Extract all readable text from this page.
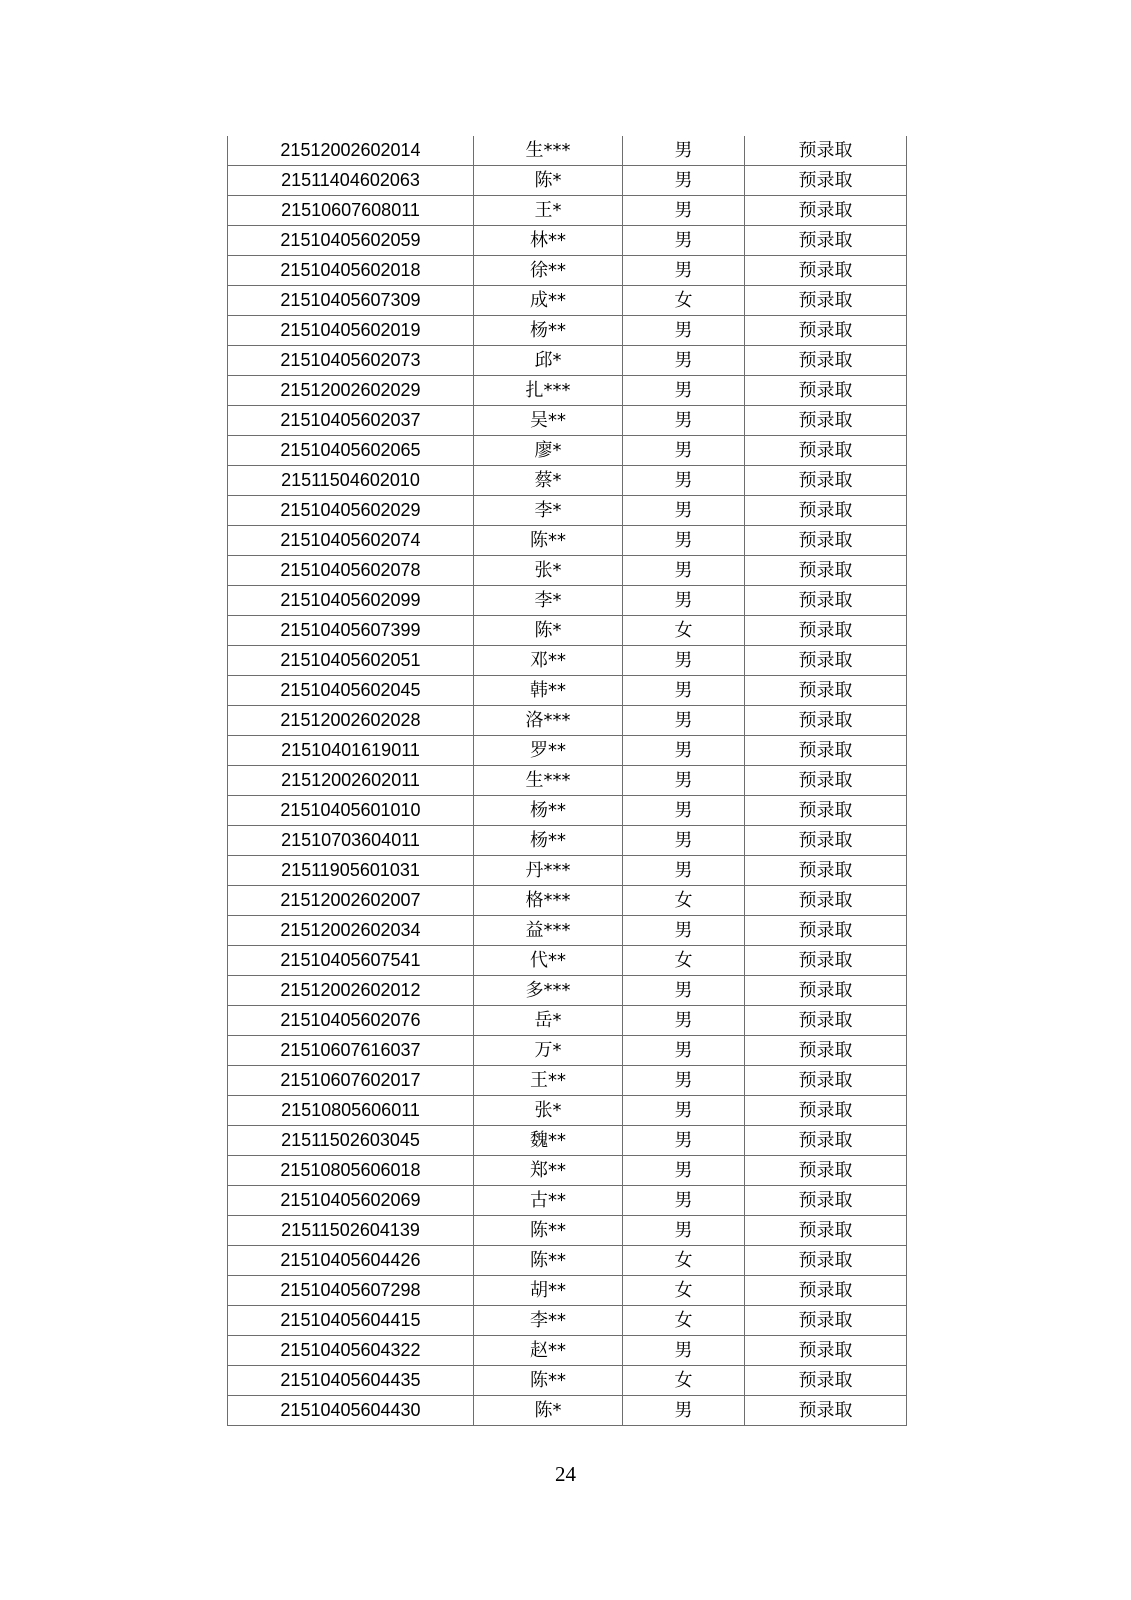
21512002602014	生***	男	预录取
21511404602063	陈*	男	预录取
21510607608011	王*	男	预录取
21510405602059	林**	男	预录取
21510405602018	徐**	男	预录取
21510405607309	成**	女	预录取
21510405602019	杨**	男	预录取
21510405602073	邱*	男	预录取
21512002602029	扎***	男	预录取
21510405602037	吴**	男	预录取
21510405602065	廖*	男	预录取
21511504602010	蔡*	男	预录取
21510405602029	李*	男	预录取
21510405602074	陈**	男	预录取
21510405602078	张*	男	预录取
21510405602099	李*	男	预录取
21510405607399	陈*	女	预录取
21510405602051	邓**	男	预录取
21510405602045	韩**	男	预录取
21512002602028	洛***	男	预录取
21510401619011	罗**	男	预录取
21512002602011	生***	男	预录取
21510405601010	杨**	男	预录取
21510703604011	杨**	男	预录取
21511905601031	丹***	男	预录取
21512002602007	格***	女	预录取
21512002602034	益***	男	预录取
21510405607541	代**	女	预录取
21512002602012	多***	男	预录取
21510405602076	岳*	男	预录取
21510607616037	万*	男	预录取
21510607602017	王**	男	预录取
21510805606011	张*	男	预录取
21511502603045	魏**	男	预录取
21510805606018	郑**	男	预录取
21510405602069	古**	男	预录取
21511502604139	陈**	男	预录取
21510405604426	陈**	女	预录取
21510405607298	胡**	女	预录取
21510405604415	李**	女	预录取
21510405604322	赵**	男	预录取
21510405604435	陈**	女	预录取
21510405604430	陈*	男	预录取
24
